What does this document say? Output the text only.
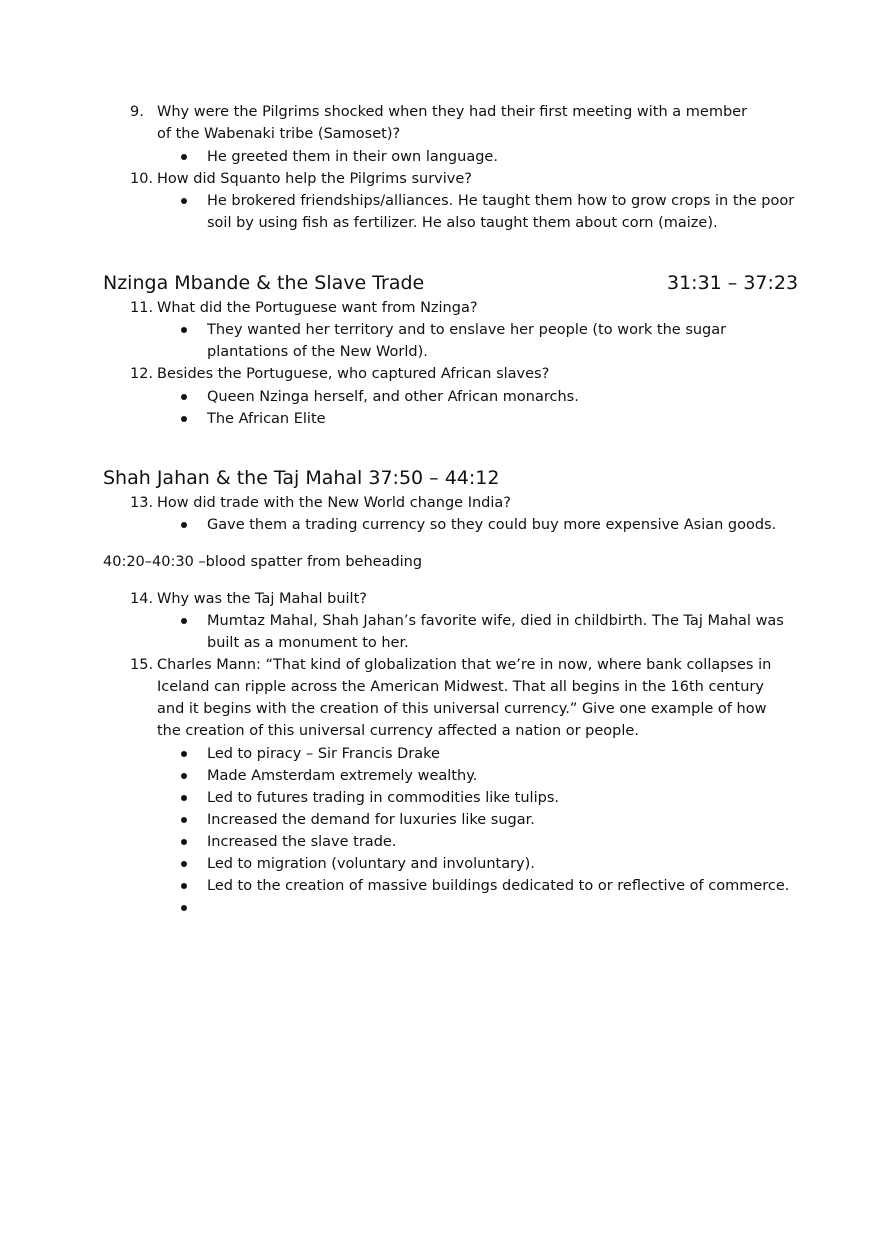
9. Why were the Pilgrims shocked when they had their first meeting with a member
of the Wabenaki tribe (Samoset)?
He greeted them in their own language.
10. How did Squanto help the Pilgrims survive?
He brokered friendships/alliances. He taught them how to grow crops in the poor
soil by using fish as fertilizer. He also taught them about corn (maize).
Nzinga Mbande & the Slave Trade	31:31 – 37:23
11. What did the Portuguese want from Nzinga?
They wanted her territory and to enslave her people (to work the sugar
plantations of the New World).
12. Besides the Portuguese, who captured African slaves?
Queen Nzinga herself, and other African monarchs.
The African Elite
Shah Jahan & the Taj Mahal 37:50 – 44:12
13. How did trade with the New World change India?
Gave them a trading currency so they could buy more expensive Asian goods.
40:20–40:30 –blood spatter from beheading
14. Why was the Taj Mahal built?
Mumtaz Mahal, Shah Jahan’s favorite wife, died in childbirth. The Taj Mahal was
built as a monument to her.
15. Charles Mann: “That kind of globalization that we’re in now, where bank collapses in
Iceland can ripple across the American Midwest. That all begins in the 16th century
and it begins with the creation of this universal currency.” Give one example of how
the creation of this universal currency affected a nation or people.
Led to piracy – Sir Francis Drake
Made Amsterdam extremely wealthy.
Led to futures trading in commodities like tulips.
Increased the demand for luxuries like sugar.
Increased the slave trade.
Led to migration (voluntary and involuntary).
Led to the creation of massive buildings dedicated to or reflective of commerce.
